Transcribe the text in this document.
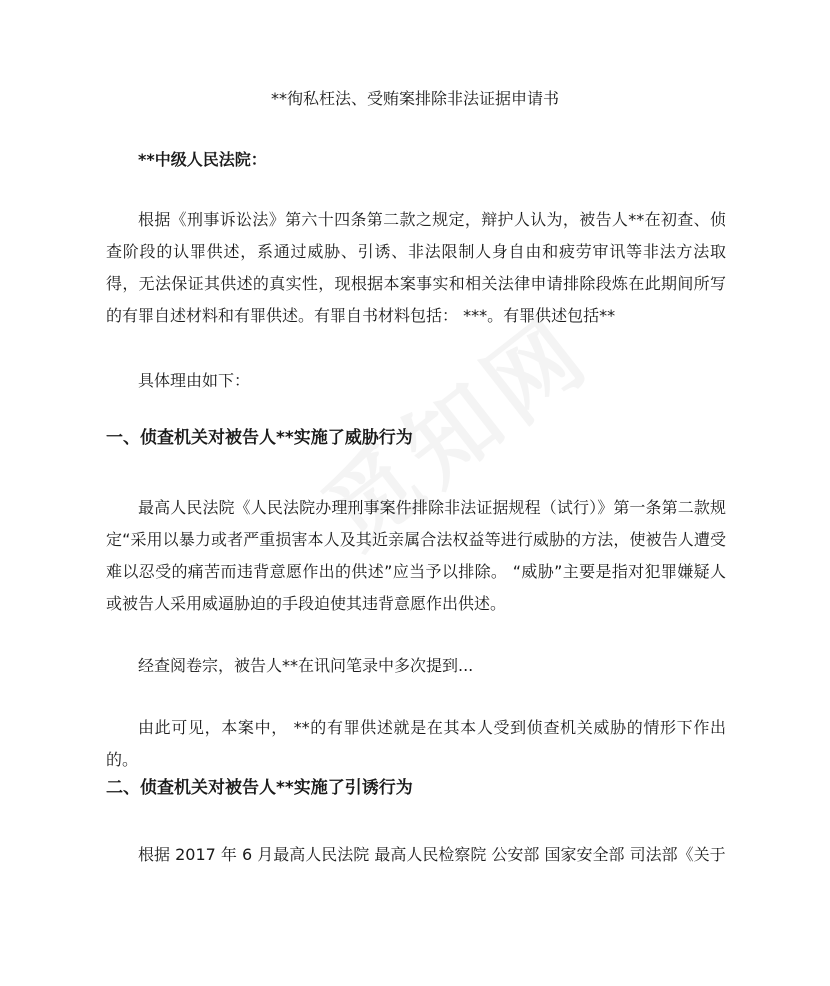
**徇私枉法、受贿案排除非法证据申请书

**中级人民法院：

根据《刑事诉讼法》第六十四条第二款之规定，辩护人认为，被告人**在初查、侦查阶段的认罪供述，系通过威胁、引诱、非法限制人身自由和疲劳审讯等非法方法取得，无法保证其供述的真实性，现根据本案事实和相关法律申请排除段炼在此期间所写的有罪自述材料和有罪供述。有罪自书材料包括： ***。有罪供述包括**

具体理由如下：

一、侦查机关对被告人**实施了威胁行为

最高人民法院《人民法院办理刑事案件排除非法证据规程（试行）》第一条第二款规定“采用以暴力或者严重损害本人及其近亲属合法权益等进行威胁的方法，使被告人遭受难以忍受的痛苦而违背意愿作出的供述”应当予以排除。 “威胁”主要是指对犯罪嫌疑人或被告人采用威逼胁迫的手段迫使其违背意愿作出供述。

经查阅卷宗，被告人**在讯问笔录中多次提到...

由此可见，本案中， **的有罪供述就是在其本人受到侦查机关威胁的情形下作出的。

二、侦查机关对被告人**实施了引诱行为

根据 2017 年 6 月最高人民法院 最高人民检察院 公安部 国家安全部 司法部《关于
